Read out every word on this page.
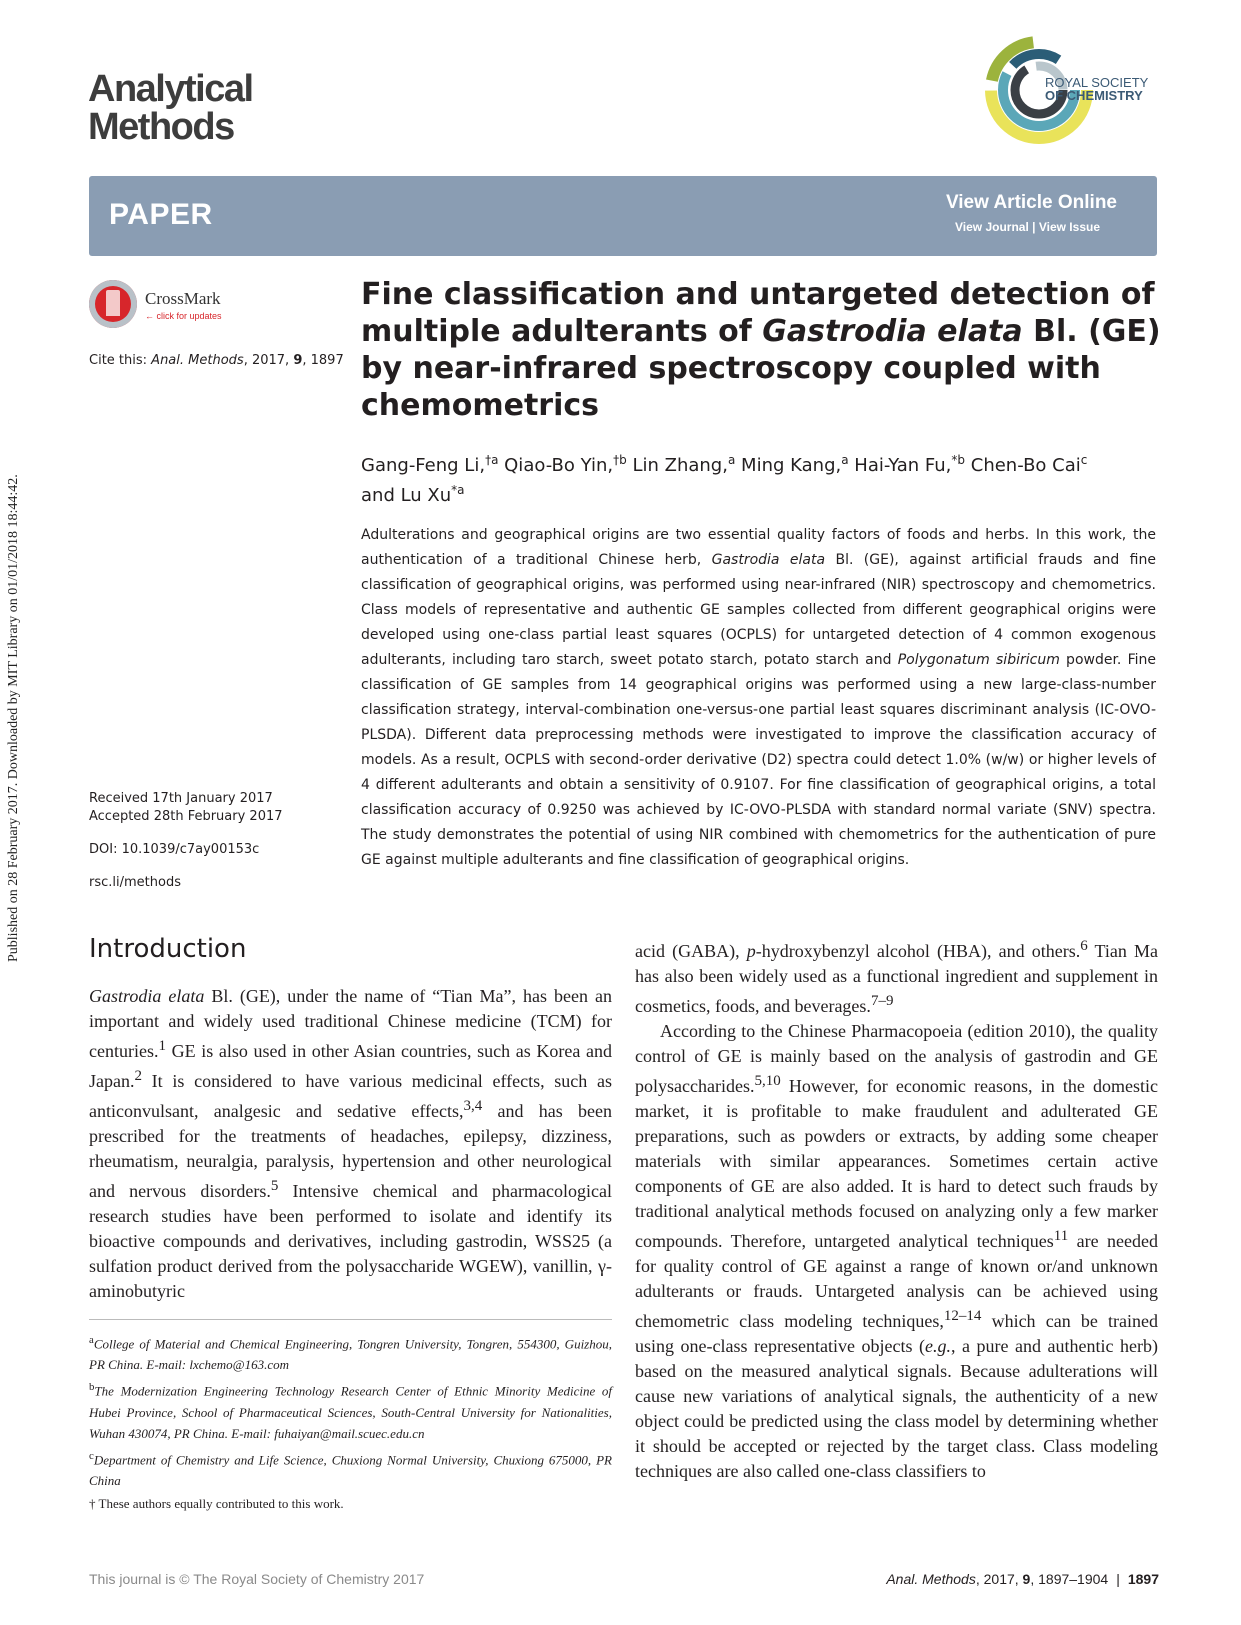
Published on 28 February 2017. Downloaded by MIT Library on 01/01/2018 18:44:42.
Analytical
Methods
ROYAL SOCIETY
OF CHEMISTRY
PAPER	View Article Online
View Journal | View Issue
CrossMark
← click for updates
Cite this: Anal. Methods, 2017, 9, 1897
Received 17th January 2017
Accepted 28th February 2017
DOI: 10.1039/c7ay00153c
rsc.li/methods
Fine classification and untargeted detection of multiple adulterants of Gastrodia elata Bl. (GE) by near-infrared spectroscopy coupled with chemometrics
Gang-Feng Li,$^{\dagger a}$ Qiao-Bo Yin,$^{\dagger b}$ Lin Zhang,$^a$ Ming Kang,$^a$ Hai-Yan Fu,$^{*b}$ Chen-Bo Cai$^c$
and Lu Xu$^{*a}$
Adulterations and geographical origins are two essential quality factors of foods and herbs. In this work, the authentication of a traditional Chinese herb, Gastrodia elata Bl. (GE), against artificial frauds and fine classification of geographical origins, was performed using near-infrared (NIR) spectroscopy and chemometrics. Class models of representative and authentic GE samples collected from different geographical origins were developed using one-class partial least squares (OCPLS) for untargeted detection of 4 common exogenous adulterants, including taro starch, sweet potato starch, potato starch and Polygonatum sibiricum powder. Fine classification of GE samples from 14 geographical origins was performed using a new large-class-number classification strategy, interval-combination one-versus-one partial least squares discriminant analysis (IC-OVO-PLSDA). Different data preprocessing methods were investigated to improve the classification accuracy of models. As a result, OCPLS with second-order derivative (D2) spectra could detect 1.0% (w/w) or higher levels of 4 different adulterants and obtain a sensitivity of 0.9107. For fine classification of geographical origins, a total classification accuracy of 0.9250 was achieved by IC-OVO-PLSDA with standard normal variate (SNV) spectra. The study demonstrates the potential of using NIR combined with chemometrics for the authentication of pure GE against multiple adulterants and fine classification of geographical origins.
Introduction

Gastrodia elata Bl. (GE), under the name of “Tian Ma”, has been an important and widely used traditional Chinese medicine (TCM) for centuries.$^1$ GE is also used in other Asian countries, such as Korea and Japan.$^2$ It is considered to have various medicinal effects, such as anticonvulsant, analgesic and sedative effects,$^{3,4}$ and has been prescribed for the treatments of headaches, epilepsy, dizziness, rheumatism, neuralgia, paralysis, hypertension and other neurological and nervous disorders.$^5$ Intensive chemical and pharmacological research studies have been performed to isolate and identify its bioactive compounds and derivatives, including gastrodin, WSS25 (a sulfation product derived from the polysaccharide WGEW), vanillin, γ-aminobutyric

acid (GABA), p-hydroxybenzyl alcohol (HBA), and others.$^6$ Tian Ma has also been widely used as a functional ingredient and supplement in cosmetics, foods, and beverages.$^{7-9}$

According to the Chinese Pharmacopoeia (edition 2010), the quality control of GE is mainly based on the analysis of gastrodin and GE polysaccharides.$^{5,10}$ However, for economic reasons, in the domestic market, it is profitable to make fraudulent and adulterated GE preparations, such as powders or extracts, by adding some cheaper materials with similar appearances. Sometimes certain active components of GE are also added. It is hard to detect such frauds by traditional analytical methods focused on analyzing only a few marker compounds. Therefore, untargeted analytical techniques$^{11}$ are needed for quality control of GE against a range of known or/and unknown adulterants or frauds. Untargeted analysis can be achieved using chemometric class modeling techniques,$^{12-14}$ which can be trained using one-class representative objects (e.g., a pure and authentic herb) based on the measured analytical signals. Because adulterations will cause new variations of analytical signals, the authenticity of a new object could be predicted using the class model by determining whether it should be accepted or rejected by the target class. Class modeling techniques are also called one-class classifiers to

$^a$College of Material and Chemical Engineering, Tongren University, Tongren, 554300, Guizhou, PR China. E-mail: lxchemo@163.com

$^b$The Modernization Engineering Technology Research Center of Ethnic Minority Medicine of Hubei Province, School of Pharmaceutical Sciences, South-Central University for Nationalities, Wuhan 430074, PR China. E-mail: fuhaiyan@mail.scuec.edu.cn

$^c$Department of Chemistry and Life Science, Chuxiong Normal University, Chuxiong 675000, PR China

† These authors equally contributed to this work.

This journal is © The Royal Society of Chemistry 2017	Anal. Methods, 2017, 9, 1897–1904 | 1897
